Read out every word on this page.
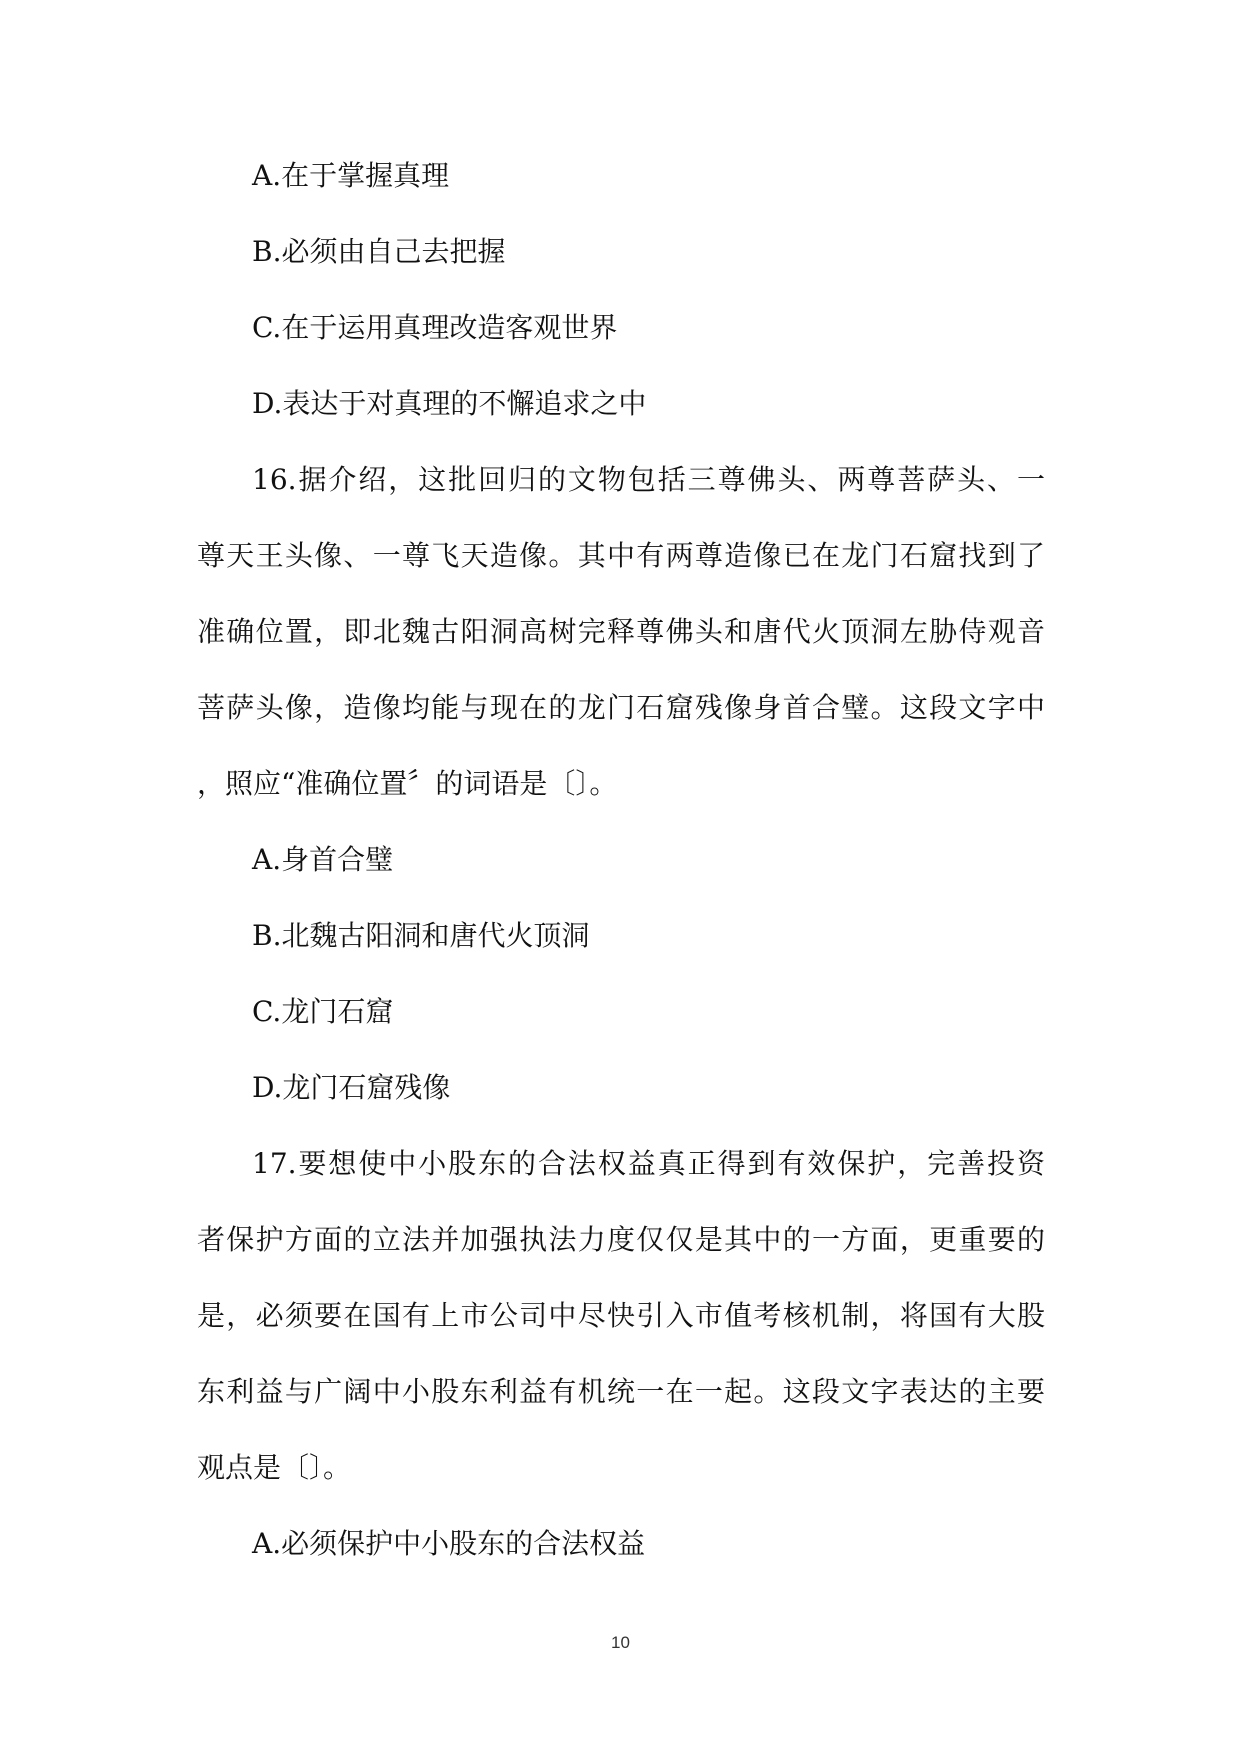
A.在于掌握真理

B.必须由自己去把握

C.在于运用真理改造客观世界

D.表达于对真理的不懈追求之中

16.据介绍，这批回归的文物包括三尊佛头、两尊菩萨头、一

尊天王头像、一尊飞天造像。其中有两尊造像已在龙门石窟找到了

准确位置，即北魏古阳洞高树完释尊佛头和唐代火顶洞左胁侍观音

菩萨头像，造像均能与现在的龙门石窟残像身首合璧。这段文字中

，照应“准确位置〞的词语是〔〕。

A.身首合璧

B.北魏古阳洞和唐代火顶洞

C.龙门石窟

D.龙门石窟残像

17.要想使中小股东的合法权益真正得到有效保护，完善投资

者保护方面的立法并加强执法力度仅仅是其中的一方面，更重要的

是，必须要在国有上市公司中尽快引入市值考核机制，将国有大股

东利益与广阔中小股东利益有机统一在一起。这段文字表达的主要

观点是〔〕。

A.必须保护中小股东的合法权益

10
